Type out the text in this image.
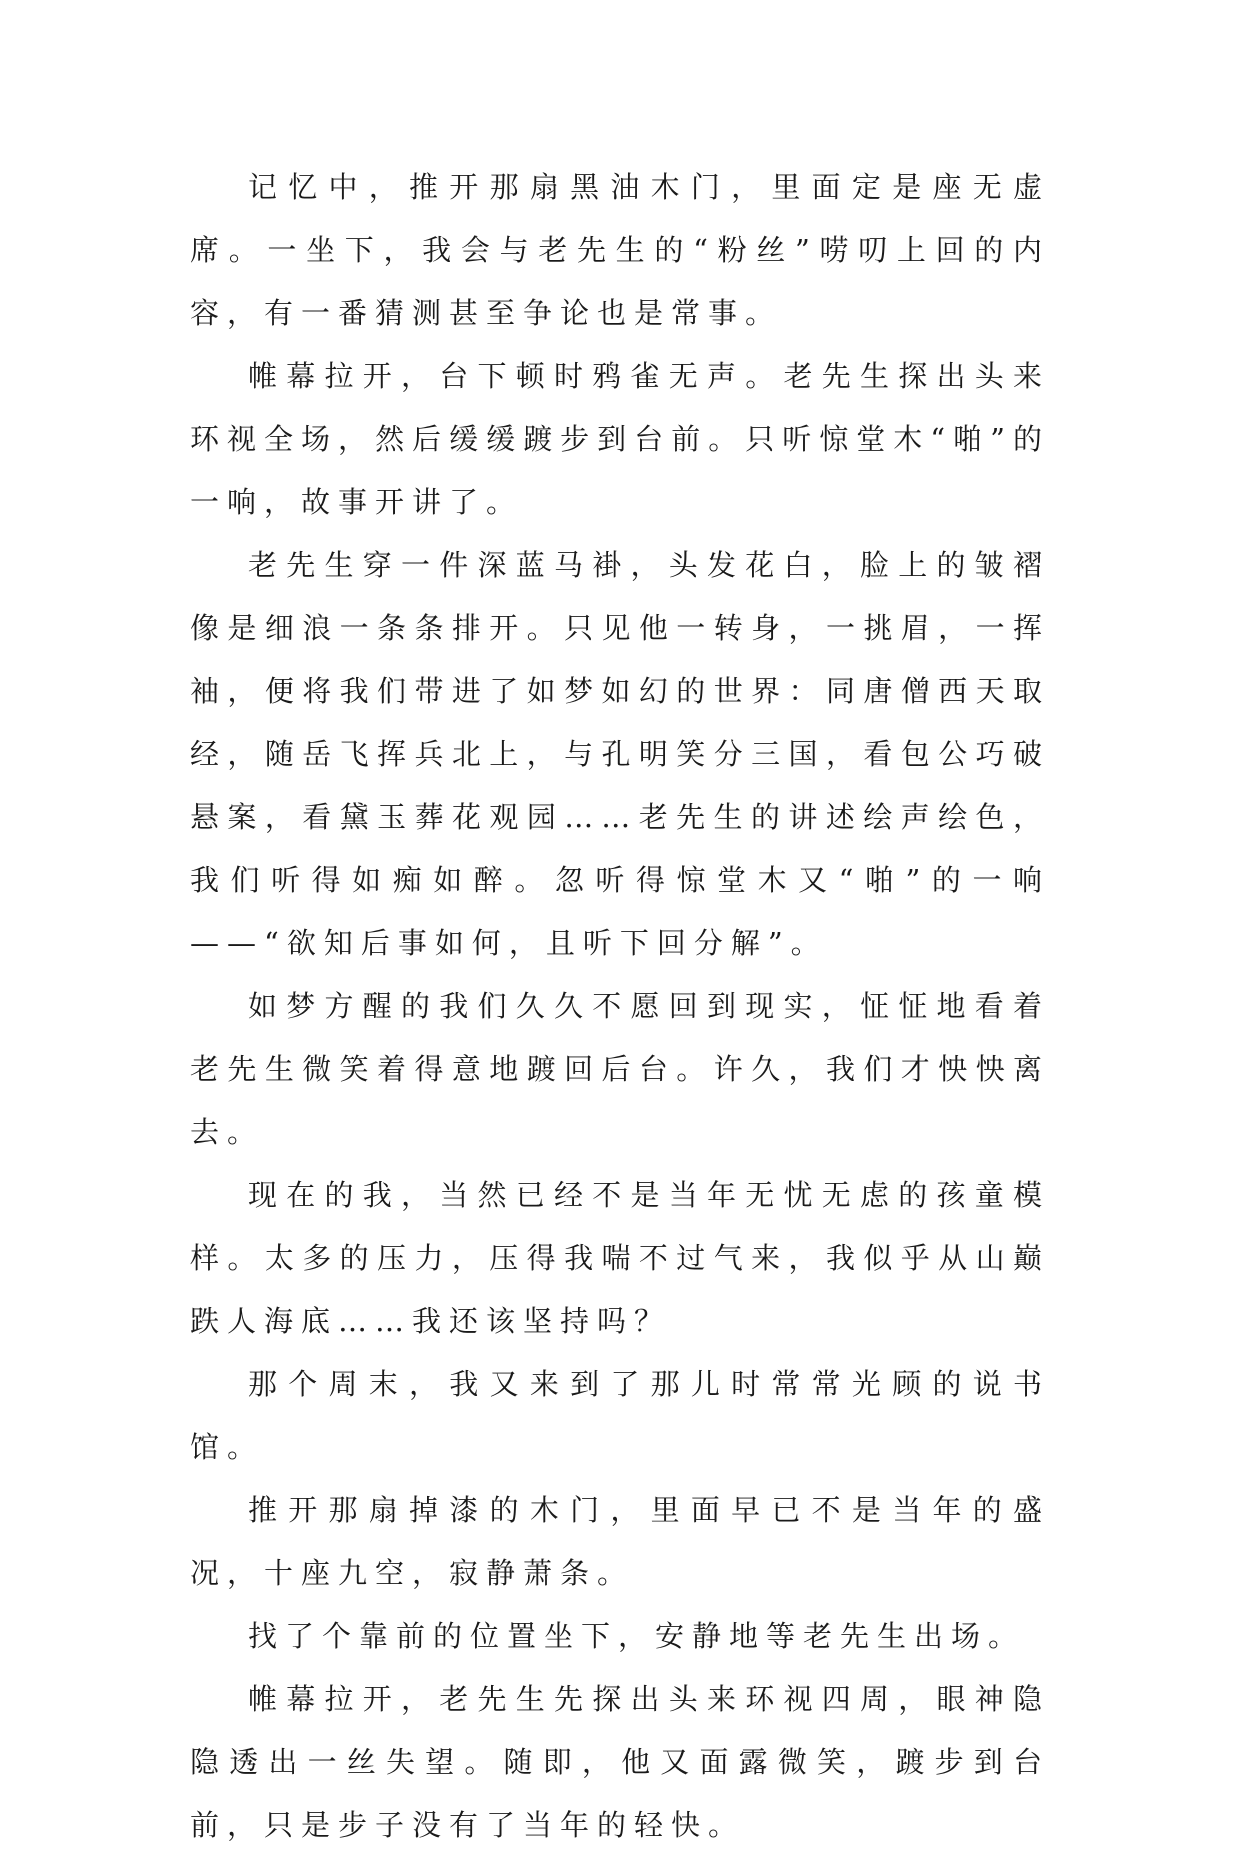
记忆中，推开那扇黑油木门，里面定是座无虚席。一坐下，我会与老先生的“粉丝”唠叨上回的内容，有一番猜测甚至争论也是常事。

帷幕拉开，台下顿时鸦雀无声。老先生探出头来环视全场，然后缓缓踱步到台前。只听惊堂木“啪”的一响，故事开讲了。

老先生穿一件深蓝马褂，头发花白，脸上的皱褶像是细浪一条条排开。只见他一转身，一挑眉，一挥袖，便将我们带进了如梦如幻的世界：同唐僧西天取经，随岳飞挥兵北上，与孔明笑分三国，看包公巧破悬案，看黛玉葬花观园……老先生的讲述绘声绘色，我们听得如痴如醉。忽听得惊堂木又“啪”的一响——“欲知后事如何，且听下回分解”。

如梦方醒的我们久久不愿回到现实，怔怔地看着老先生微笑着得意地踱回后台。许久，我们才怏怏离去。

现在的我，当然已经不是当年无忧无虑的孩童模样。太多的压力，压得我喘不过气来，我似乎从山巅跌人海底……我还该坚持吗？

那个周末，我又来到了那儿时常常光顾的说书馆。

推开那扇掉漆的木门，里面早已不是当年的盛况，十座九空，寂静萧条。

找了个靠前的位置坐下，安静地等老先生出场。

帷幕拉开，老先生先探出头来环视四周，眼神隐隐透出一丝失望。随即，他又面露微笑，踱步到台前，只是步子没有了当年的轻快。
